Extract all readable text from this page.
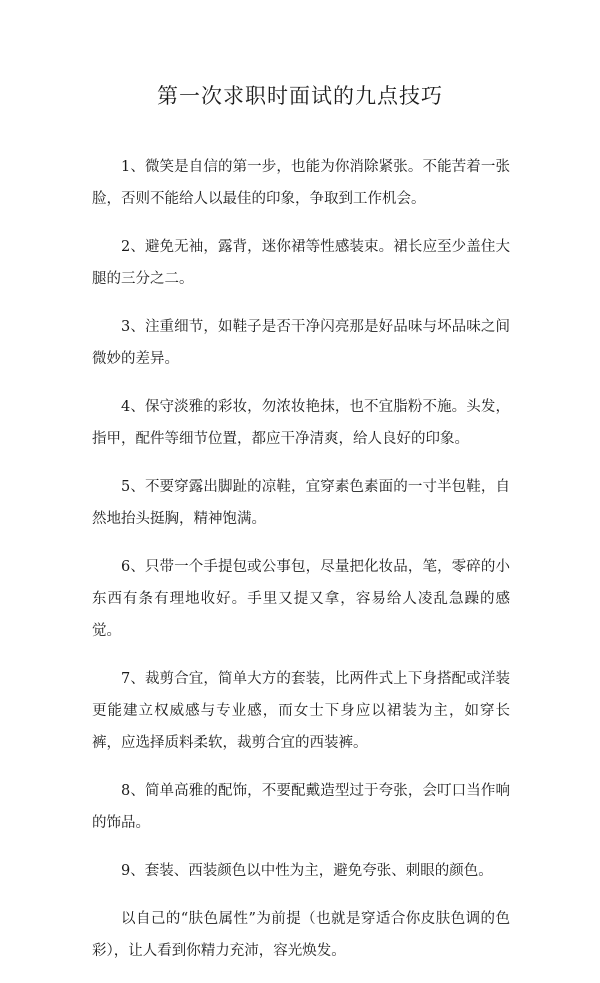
第一次求职时面试的九点技巧

1、微笑是自信的第一步，也能为你消除紧张。不能苦着一张脸，否则不能给人以最佳的印象，争取到工作机会。

2、避免无袖，露背，迷你裙等性感装束。裙长应至少盖住大腿的三分之二。

3、注重细节，如鞋子是否干净闪亮那是好品味与坏品味之间微妙的差异。

4、保守淡雅的彩妆，勿浓妆艳抹，也不宜脂粉不施。头发，指甲，配件等细节位置，都应干净清爽，给人良好的印象。

5、不要穿露出脚趾的凉鞋，宜穿素色素面的一寸半包鞋，自然地抬头挺胸，精神饱满。

6、只带一个手提包或公事包，尽量把化妆品，笔，零碎的小东西有条有理地收好。手里又提又拿，容易给人凌乱急躁的感觉。

7、裁剪合宜，简单大方的套装，比两件式上下身搭配或洋装更能建立权威感与专业感，而女士下身应以裙装为主，如穿长裤，应选择质料柔软，裁剪合宜的西装裤。

8、简单高雅的配饰，不要配戴造型过于夸张，会叮口当作响的饰品。

9、套装、西装颜色以中性为主，避免夸张、刺眼的颜色。

以自己的“肤色属性”为前提（也就是穿适合你皮肤色调的色彩），让人看到你精力充沛，容光焕发。
